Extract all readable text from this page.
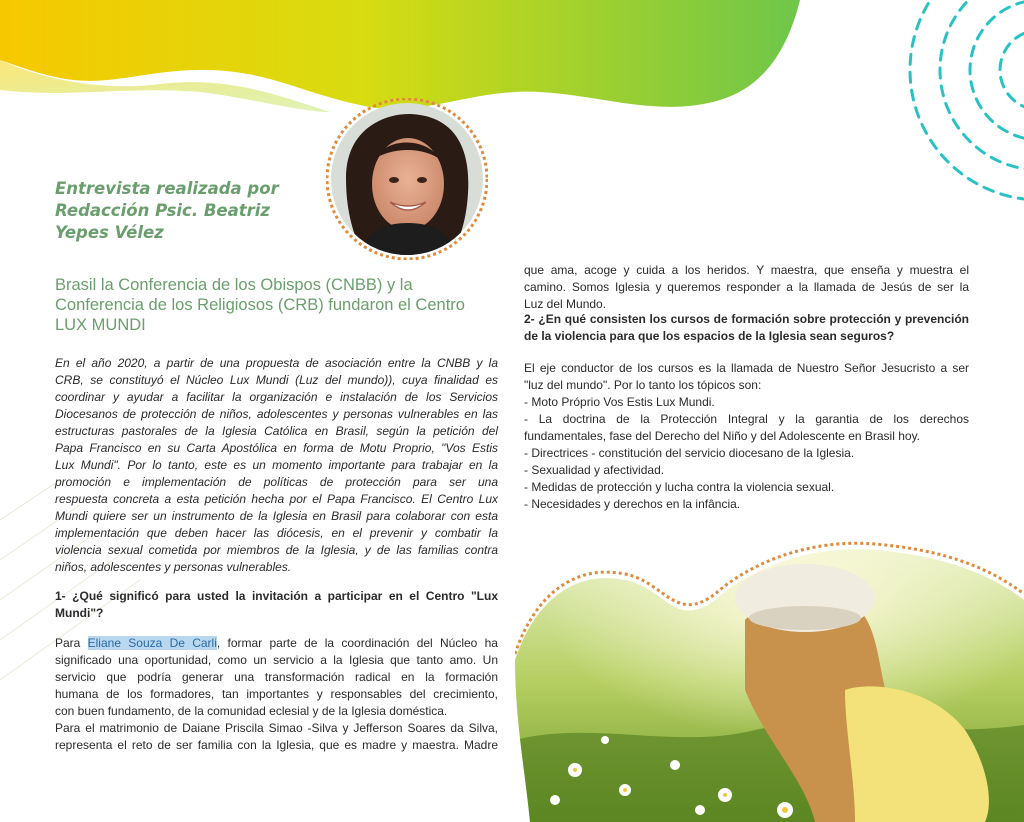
Entrevista realizada por
Redacción Psic. Beatriz
Yepes Vélez
Brasil la Conferencia de los Obispos (CNBB) y la
Conferencia de los Religiosos (CRB) fundaron el Centro
LUX MUNDI
En el año 2020, a partir de una propuesta de asociación entre la CNBB y la
CRB, se constituyó el Núcleo Lux Mundi (Luz del mundo)), cuya finalidad es
coordinar y ayudar a facilitar la organización e instalación de los Servicios
Diocesanos de protección de niños, adolescentes y personas vulnerables en las
estructuras pastorales de la Iglesia Católica en Brasil, según la petición del
Papa Francisco en su Carta Apostólica en forma de Motu Proprio, "Vos Estis
Lux Mundi". Por lo tanto, este es un momento importante para trabajar en la
promoción e implementación de políticas de protección para ser una
respuesta concreta a esta petición hecha por el Papa Francisco. El Centro Lux
Mundi quiere ser un instrumento de la Iglesia en Brasil para colaborar con esta
implementación que deben hacer las diócesis, en el prevenir y combatir la
violencia sexual cometida por miembros de la Iglesia, y de las familias contra
niños, adolescentes y personas vulnerables.
1- ¿Qué significó para usted la invitación a participar en el Centro "Lux
Mundi"?
Para Eliane Souza De Carli, formar parte de la coordinación del Núcleo ha
significado una oportunidad, como un servicio a la Iglesia que tanto amo. Un
servicio que podría generar una transformación radical en la formación
humana de los formadores, tan importantes y responsables del crecimiento,
con buen fundamento, de la comunidad eclesial y de la Iglesia doméstica.
Para el matrimonio de Daiane Priscila Simao -Silva y Jefferson Soares da Silva,
representa el reto de ser familia con la Iglesia, que es madre y maestra. Madre
que ama, acoge y cuida a los heridos. Y maestra, que enseña y muestra el
camino. Somos Iglesia y queremos responder a la llamada de Jesús de ser la
Luz del Mundo.
2- ¿En qué consisten los cursos de formación sobre protección y prevención
de la violencia para que los espacios de la Iglesia sean seguros?
El eje conductor de los cursos es la llamada de Nuestro Señor Jesucristo a ser
"luz del mundo". Por lo tanto los tópicos son:
- Moto Próprio Vos Estis Lux Mundi.
- La doctrina de la Protección Integral y la garantia de los derechos
fundamentales, fase del Derecho del Niño y del Adolescente en Brasil hoy.
- Directrices - constitución del servicio diocesano de la Iglesia.
- Sexualidad y afectividad.
- Medidas de protección y lucha contra la violencia sexual.
- Necesidades y derechos en la infância.
